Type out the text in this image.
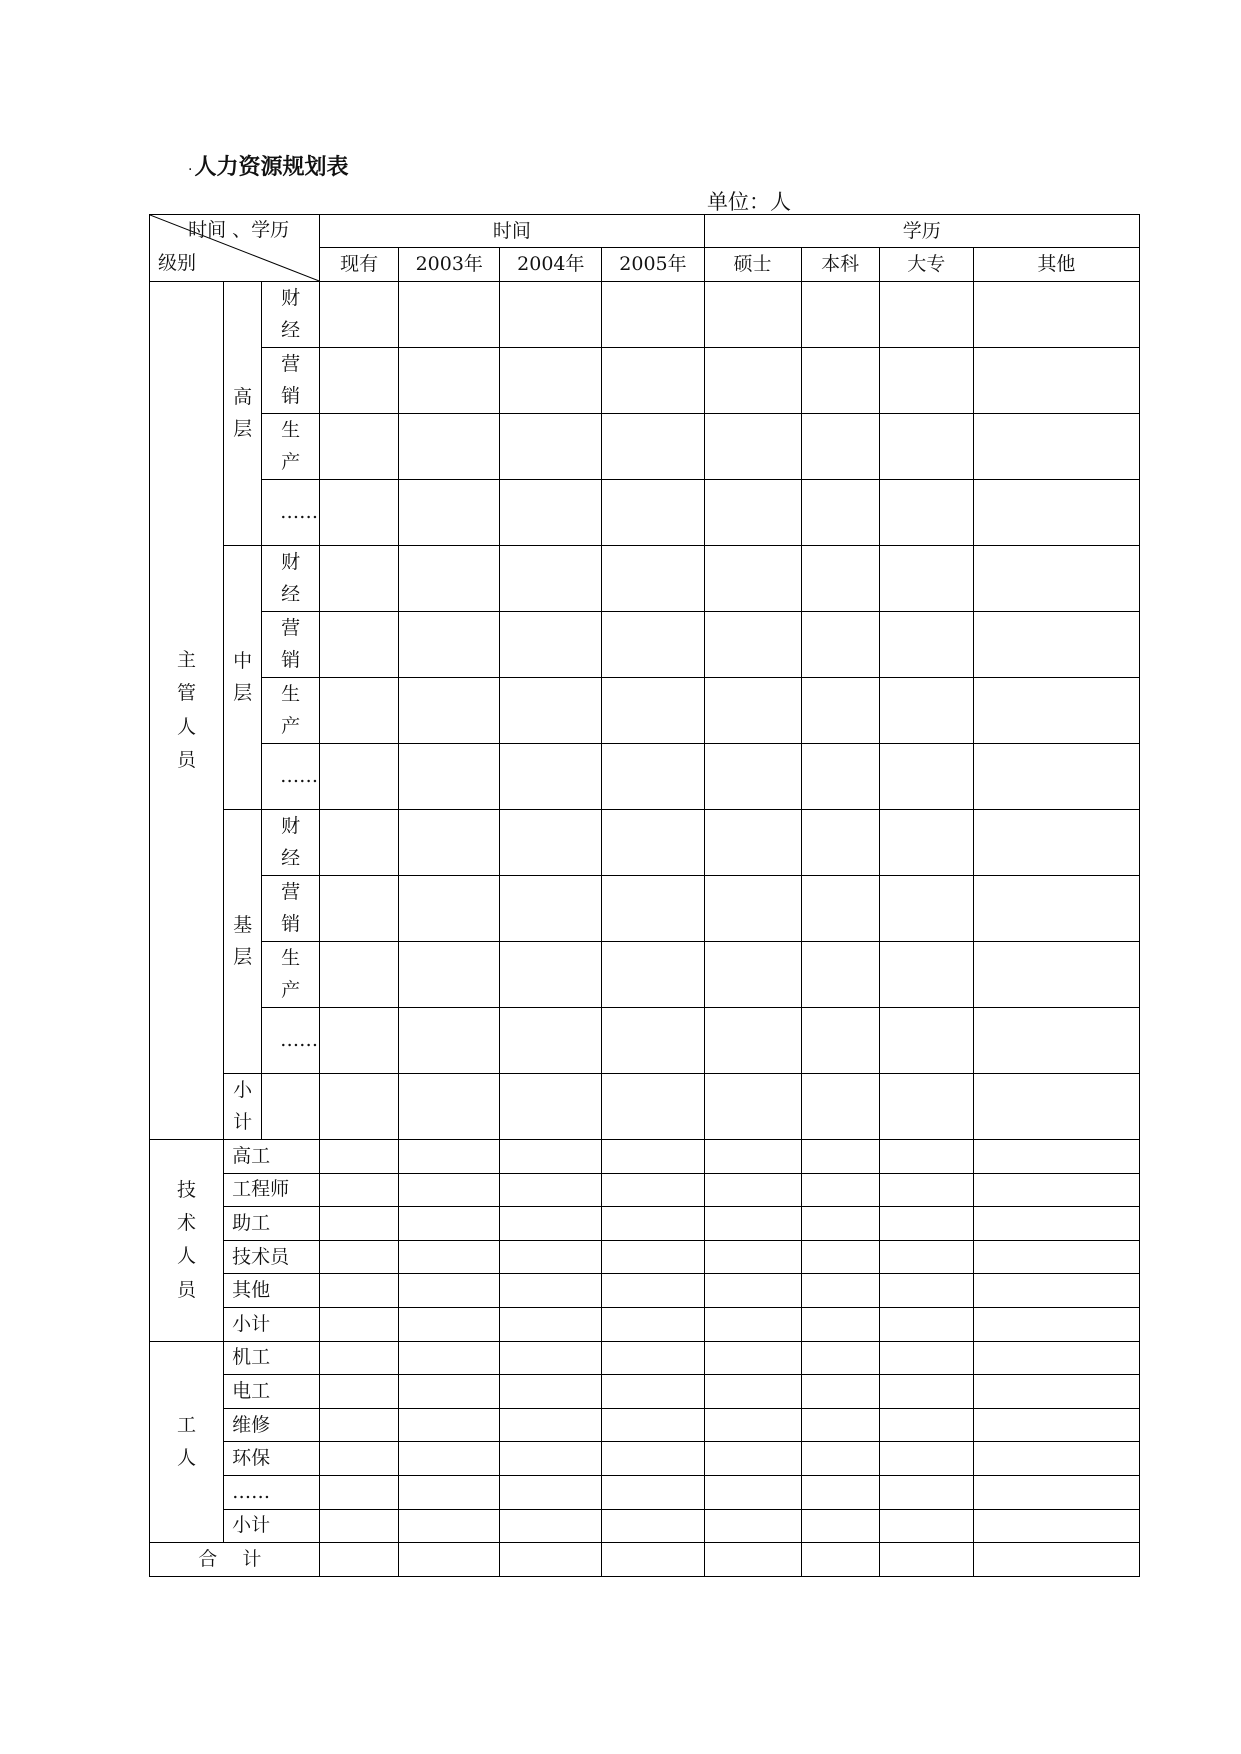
·人力资源规划表
单位：人
时间 、学历
级别			时间				学历			
			现有	2003年	2004年	2005年	硕士	本科	大专	其他
主管人员	高层	财经								
		营销								
		生产								
		……								
	中层	财经								
		营销								
		生产								
		……								
	基层	财经								
		营销								
		生产								
		……								
	小计									
技术人员	高工									
	工程师									
	助工									
	技术员									
	其他									
	小计									
工人	机工									
	电工									
	维修									
	环保									
	……									
	小计									
合 计										
